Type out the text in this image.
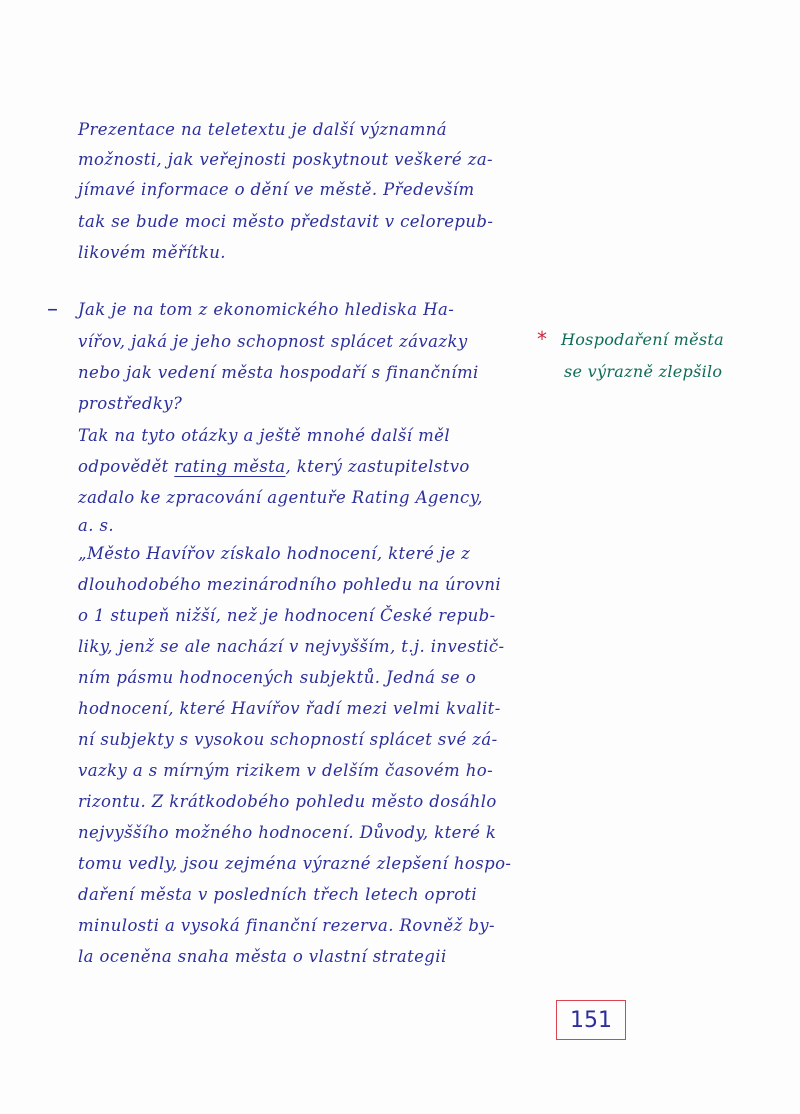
Prezentace na teletextu je další významná
možnosti, jak veřejnosti poskytnout veškeré za-
jímavé informace o dění ve městě. Především
tak se bude moci město představit v celorepub-
likovém měřítku.
– Jak je na tom z ekonomického hlediska Ha-
vířov, jaká je jeho schopnost splácet závazky
nebo jak vedení města hospodaří s finančními
prostředky?
Tak na tyto otázky a ještě mnohé další měl
odpovědět rating města, který zastupitelstvo
zadalo ke zpracování agentuře Rating Agency,
a. s.
„Město Havířov získalo hodnocení, které je z
dlouhodobého mezinárodního pohledu na úrovni
o 1 stupeň nižší, než je hodnocení České repub-
liky, jenž se ale nachází v nejvyšším, t.j. investič-
ním pásmu hodnocených subjektů. Jedná se o
hodnocení, které Havířov řadí mezi velmi kvalit-
ní subjekty s vysokou schopností splácet své zá-
vazky a s mírným rizikem v delším časovém ho-
rizontu. Z krátkodobého pohledu město dosáhlo
nejvyššího možného hodnocení. Důvody, které k
tomu vedly, jsou zejména výrazné zlepšení hospo-
daření města v posledních třech letech oproti
minulosti a vysoká finanční rezerva. Rovněž by-
la oceněna snaha města o vlastní strategii
* Hospodaření města
se výrazně zlepšilo
151
